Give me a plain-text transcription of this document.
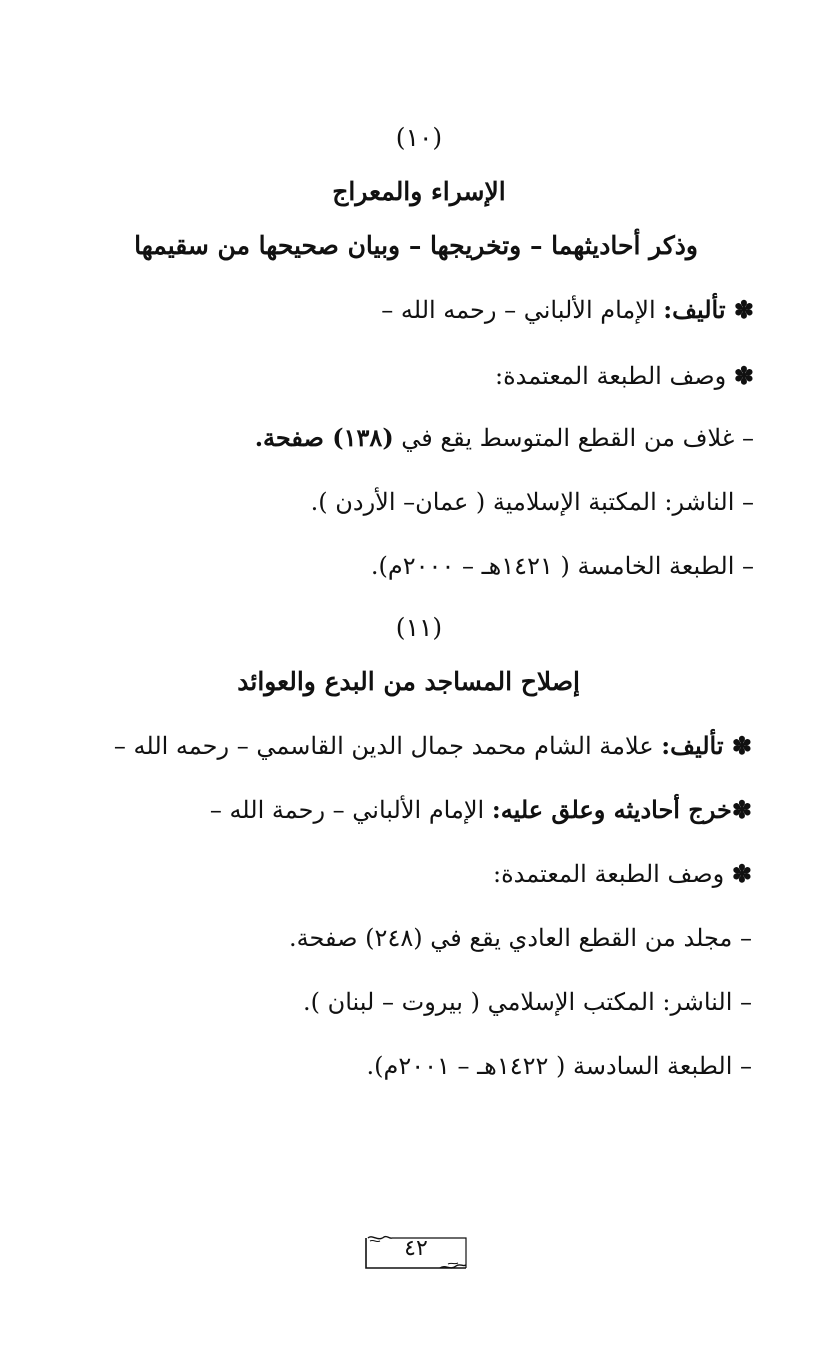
(١٠)
الإسراء والمعراج
وذكر أحاديثهما – وتخريجها – وبيان صحيحها من سقيمها
✽ تأليف: الإمام الألباني – رحمه الله –
✽ وصف الطبعة المعتمدة:
– غلاف من القطع المتوسط يقع في (١٣٨) صفحة.
– الناشر: المكتبة الإسلامية ( عمان– الأردن ).
– الطبعة الخامسة ( ١٤٢١هـ – ٢٠٠٠م).
(١١)
إصلاح المساجد من البدع والعوائد
✽ تأليف: علامة الشام محمد جمال الدين القاسمي – رحمه الله –
✽خرج أحاديثه وعلق عليه: الإمام الألباني – رحمة الله –
✽ وصف الطبعة المعتمدة:
– مجلد من القطع العادي يقع في (٢٤٨) صفحة.
– الناشر: المكتب الإسلامي ( بيروت – لبنان ).
– الطبعة السادسة ( ١٤٢٢هـ – ٢٠٠١م).
٤٢
